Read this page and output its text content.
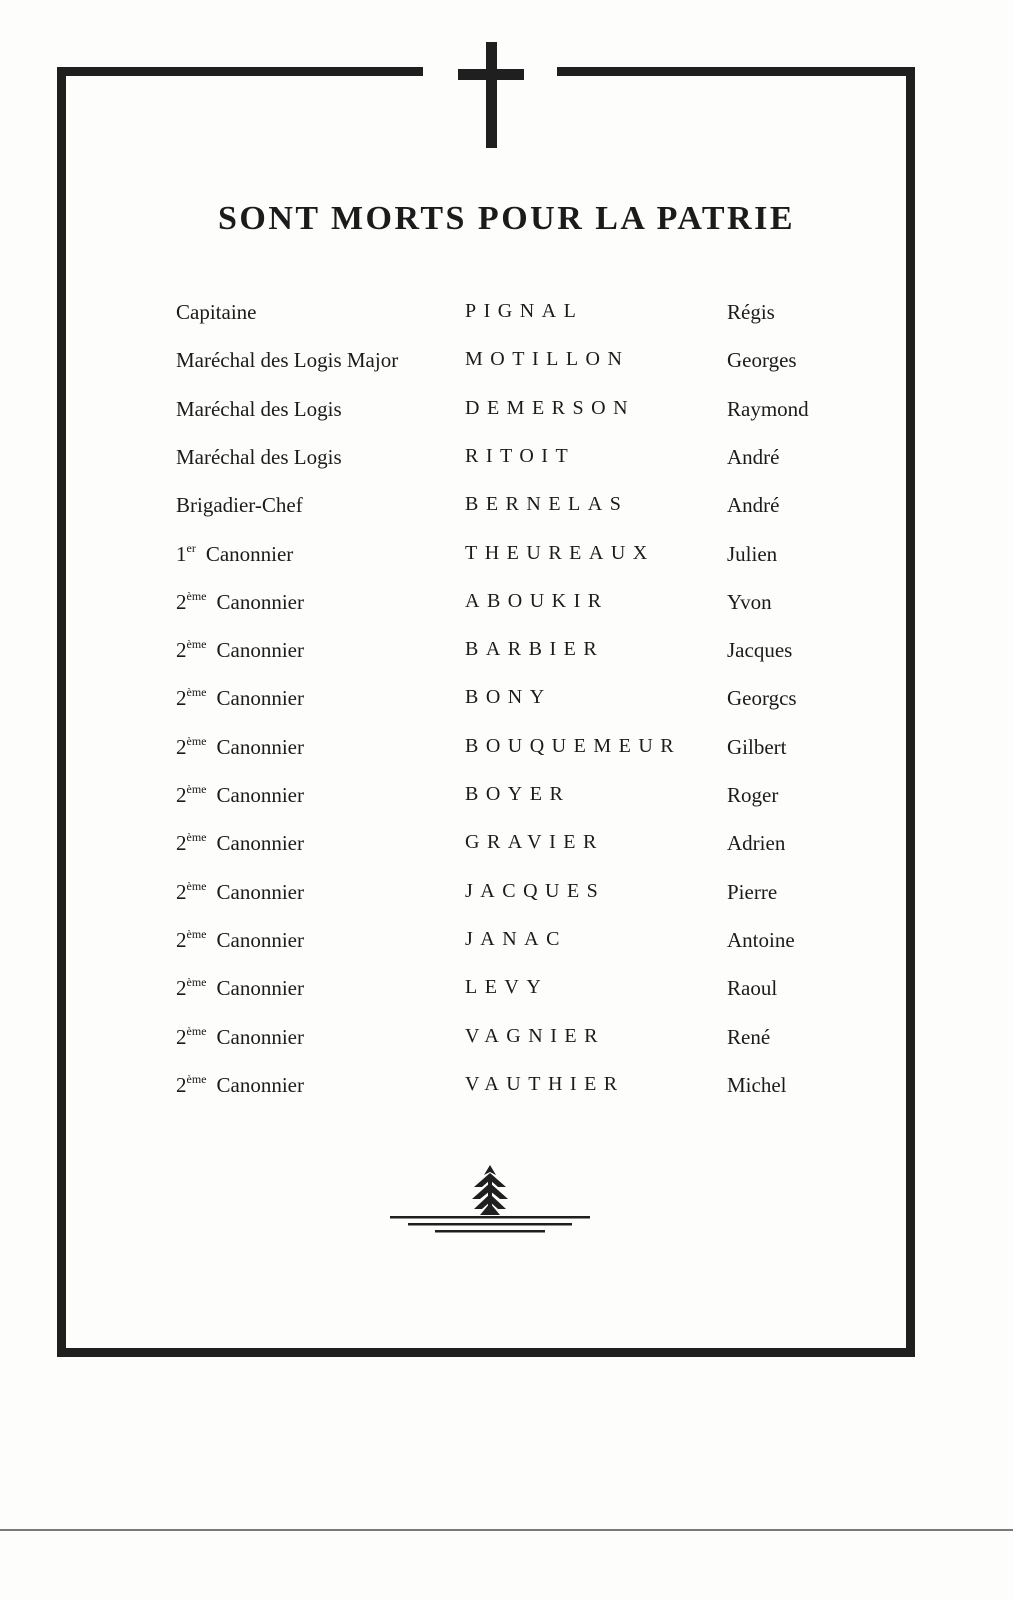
SONT MORTS POUR LA PATRIE
Capitaine	PIGNAL	Régis
Maréchal des Logis Major	MOTILLON	Georges
Maréchal des Logis	DEMERSON	Raymond
Maréchal des Logis	RITOIT	André
Brigadier-Chef	BERNELAS	André
1er Canonnier	THEUREAUX	Julien
2ème Canonnier	ABOUKIR	Yvon
2ème Canonnier	BARBIER	Jacques
2ème Canonnier	BONY	Georgcs
2ème Canonnier	BOUQUEMEUR Gilbert
2ème Canonnier	BOYER	Roger
2ème Canonnier	GRAVIER	Adrien
2ème Canonnier	JACQUES	Pierre
2ème Canonnier	JANAC	Antoine
2ème Canonnier	LEVY	Raoul
2ème Canonnier	VAGNIER	René
2ème Canonnier	VAUTHIER	Michel
